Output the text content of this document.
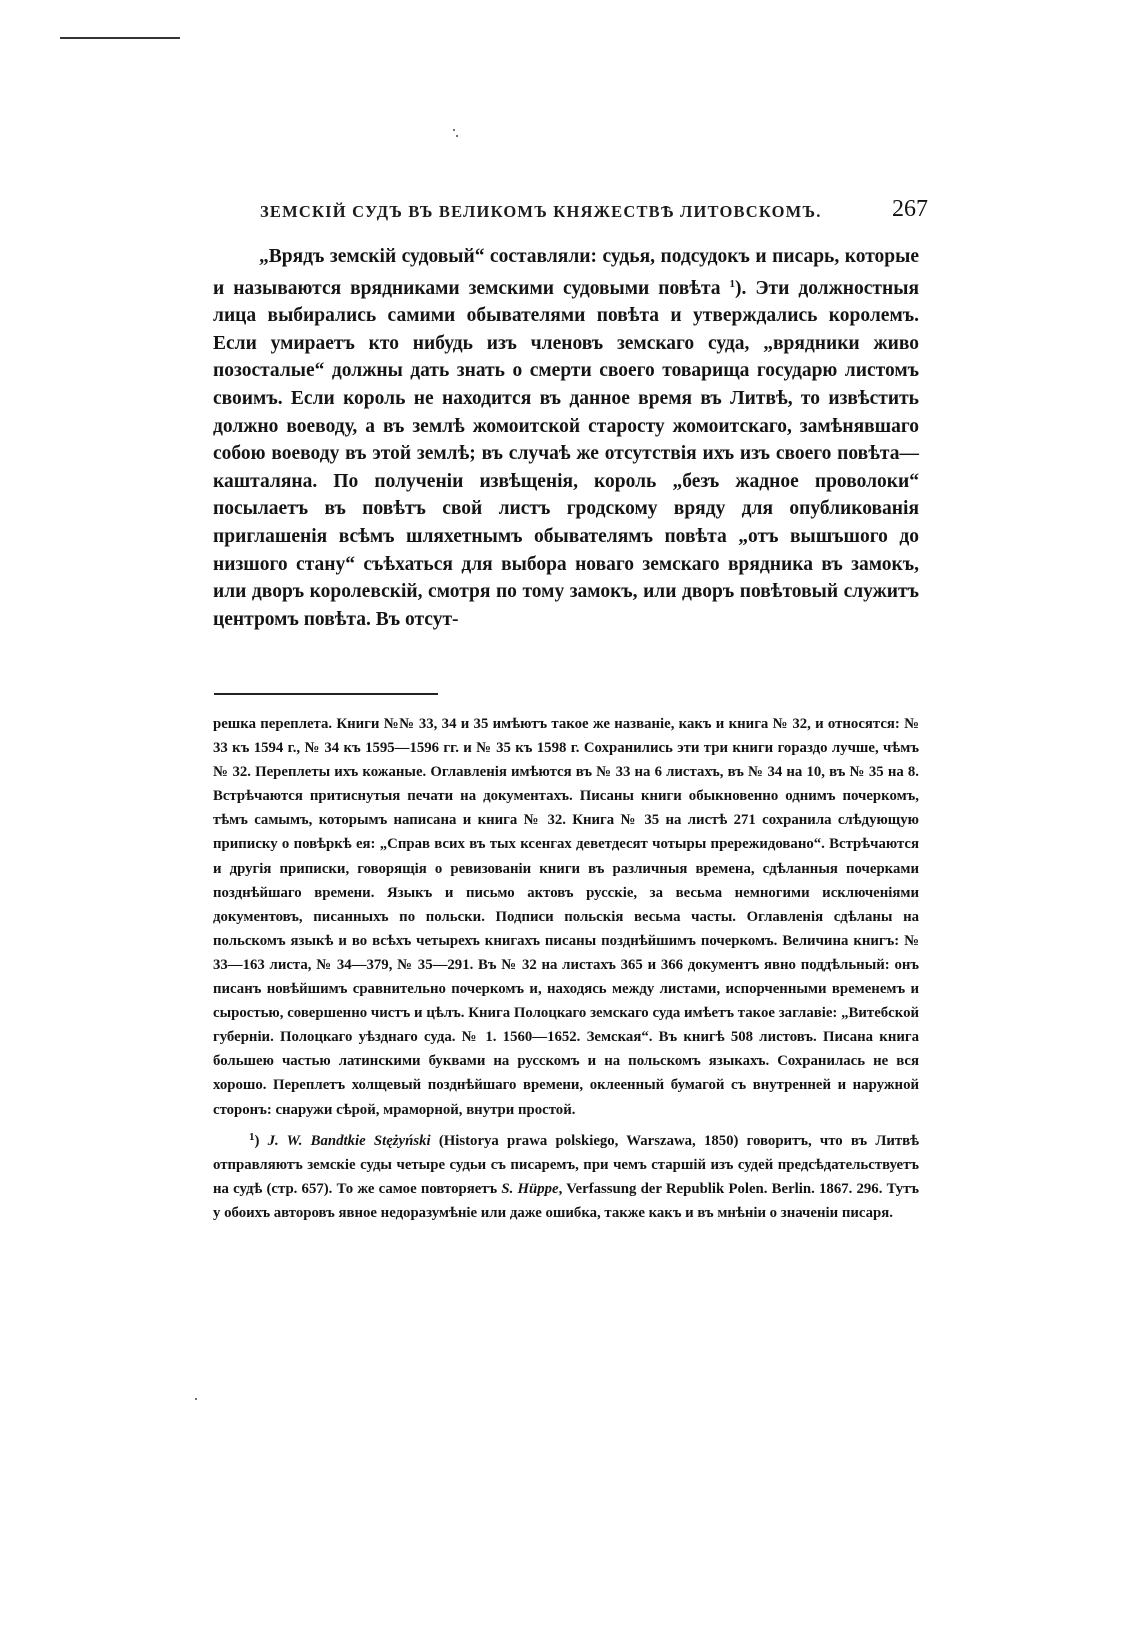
ЗЕМСКІЙ СУДЪ ВЪ ВЕЛИКОМЪ КНЯЖЕСТВѢ ЛИТОВСКОМЪ.	267

„Врядъ земскій судовый“ составляли: судья, подсудокъ и писарь, которые и называются врядниками земскими судовыми повѣта $^1$). Эти должностныя лица выбирались самими обывателями повѣта и утверждались королемъ. Если умираетъ кто нибудь изъ членовъ земскаго суда, „врядники живо позосталые“ должны дать знать о смерти своего товарища государю листомъ своимъ. Если король не находится въ данное время въ Литвѣ, то извѣстить должно воеводу, а въ землѣ жомоитской старосту жомоитскаго, замѣнявшаго собою воеводу въ этой землѣ; въ случаѣ же отсутствія ихъ изъ своего повѣта—кашталяна. По полученіи извѣщенія, король „безъ жадное проволоки“ посылаетъ въ повѣтъ свой листъ гродскому вряду для опубликованія приглашенія всѣмъ шляхетнымъ обывателямъ повѣта „отъ вышъшого до низшого стану“ съѣхаться для выбора новаго земскаго врядника въ замокъ, или дворъ королевскій, смотря по тому замокъ, или дворъ повѣтовый служитъ центромъ повѣта. Въ отсут-

решка переплета. Книги №№ 33, 34 и 35 имѣютъ такое же названіе, какъ и книга № 32, и относятся: № 33 къ 1594 г., № 34 къ 1595—1596 гг. и № 35 къ 1598 г. Сохранились эти три книги гораздо лучше, чѣмъ № 32. Переплеты ихъ кожаные. Оглавленія имѣются въ № 33 на 6 листахъ, въ № 34 на 10, въ № 35 на 8. Встрѣчаются притиснутыя печати на документахъ. Писаны книги обыкновенно однимъ почеркомъ, тѣмъ самымъ, которымъ написана и книга № 32. Книга № 35 на листѣ 271 сохранила слѣдующую приписку о повѣркѣ ея: „Справ всих въ тых ксенгах деветдесят чотыры прережидовано“. Встрѣчаются и другія приписки, говорящія о ревизованіи книги въ различныя времена, сдѣланныя почерками позднѣйшаго времени. Языкъ и письмо актовъ русскіе, за весьма немногими исключеніями документовъ, писанныхъ по польски. Подписи польскія весьма часты. Оглавленія сдѣланы на польскомъ языкѣ и во всѣхъ четырехъ книгахъ писаны позднѣйшимъ почеркомъ. Величина книгъ: № 33—163 листа, № 34—379, № 35—291. Въ № 32 на листахъ 365 и 366 документъ явно поддѣльный: онъ писанъ новѣйшимъ сравнительно почеркомъ и, находясь между листами, испорченными временемъ и сыростью, совершенно чистъ и цѣлъ. Книга Полоцкаго земскаго суда имѣетъ такое заглавіе: „Витебской губерніи. Полоцкаго уѣзднаго суда. № 1. 1560—1652. Земская“. Въ книгѣ 508 листовъ. Писана книга большею частью латинскими буквами на русскомъ и на польскомъ языкахъ. Сохранилась не вся хорошо. Переплетъ холщевый позднѣйшаго времени, оклеенный бумагой съ внутренней и наружной сторонъ: снаружи сѣрой, мраморной, внутри простой.

$^1$) J. W. Bandtkie Stężyński (Historya prawa polskiego, Warszawa, 1850) говоритъ, что въ Литвѣ отправляютъ земскіе суды четыре судьи съ писаремъ, при чемъ старшій изъ судей предсѣдательствуетъ на судѣ (стр. 657). То же самое повторяетъ S. Hüppe, Verfassung der Republik Polen. Berlin. 1867. 296. Тутъ у обоихъ авторовъ явное недоразумѣніе или даже ошибка, также какъ и въ мнѣніи о значеніи писаря.
